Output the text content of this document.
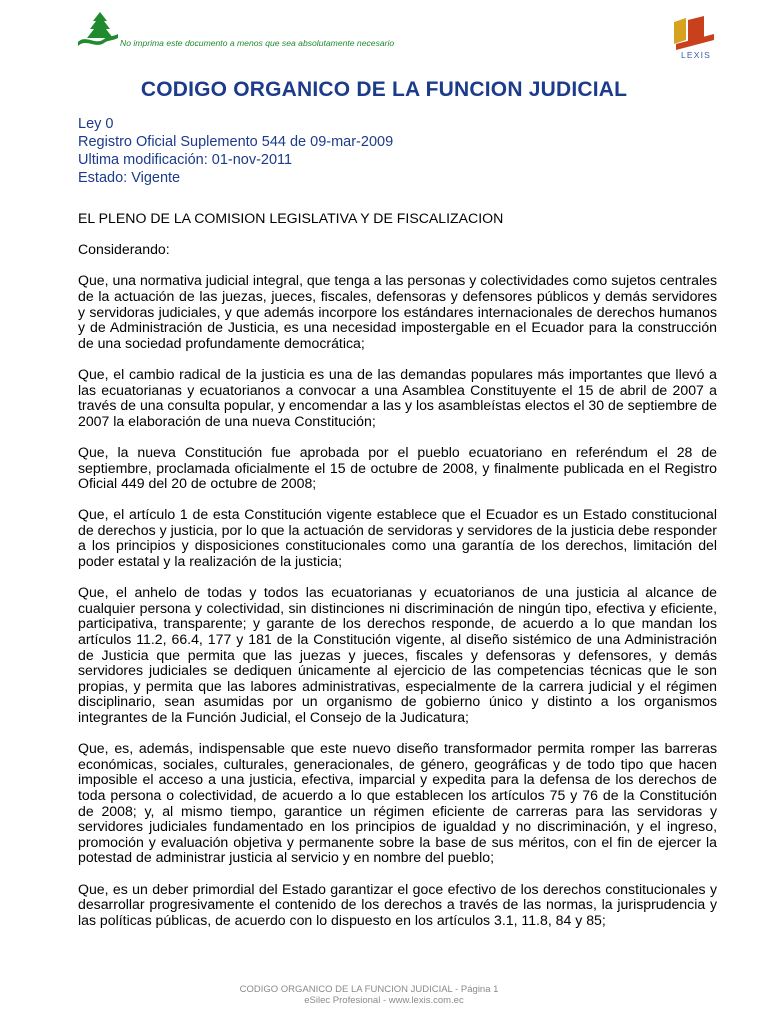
No imprima este documento a menos que sea absolutamente necesario
LEXIS
CODIGO ORGANICO DE LA FUNCION JUDICIAL
Ley 0
Registro Oficial Suplemento 544 de 09-mar-2009
Ultima modificación: 01-nov-2011
Estado: Vigente

EL PLENO DE LA COMISION LEGISLATIVA Y DE FISCALIZACION

Considerando:

Que, una normativa judicial integral, que tenga a las personas y colectividades como sujetos centrales de la actuación de las juezas, jueces, fiscales, defensoras y defensores públicos y demás servidores y servidoras judiciales, y que además incorpore los estándares internacionales de derechos humanos y de Administración de Justicia, es una necesidad impostergable en el Ecuador para la construcción de una sociedad profundamente democrática;

Que, el cambio radical de la justicia es una de las demandas populares más importantes que llevó a las ecuatorianas y ecuatorianos a convocar a una Asamblea Constituyente el 15 de abril de 2007 a través de una consulta popular, y encomendar a las y los asambleístas electos el 30 de septiembre de 2007 la elaboración de una nueva Constitución;

Que, la nueva Constitución fue aprobada por el pueblo ecuatoriano en referéndum el 28 de septiembre, proclamada oficialmente el 15 de octubre de 2008, y finalmente publicada en el Registro Oficial 449 del 20 de octubre de 2008;

Que, el artículo 1 de esta Constitución vigente establece que el Ecuador es un Estado constitucional de derechos y justicia, por lo que la actuación de servidoras y servidores de la justicia debe responder a los principios y disposiciones constitucionales como una garantía de los derechos, limitación del poder estatal y la realización de la justicia;

Que, el anhelo de todas y todos las ecuatorianas y ecuatorianos de una justicia al alcance de cualquier persona y colectividad, sin distinciones ni discriminación de ningún tipo, efectiva y eficiente, participativa, transparente; y garante de los derechos responde, de acuerdo a lo que mandan los artículos 11.2, 66.4, 177 y 181 de la Constitución vigente, al diseño sistémico de una Administración de Justicia que permita que las juezas y jueces, fiscales y defensoras y defensores, y demás servidores judiciales se dediquen únicamente al ejercicio de las competencias técnicas que le son propias, y permita que las labores administrativas, especialmente de la carrera judicial y el régimen disciplinario, sean asumidas por un organismo de gobierno único y distinto a los organismos integrantes de la Función Judicial, el Consejo de la Judicatura;

Que, es, además, indispensable que este nuevo diseño transformador permita romper las barreras económicas, sociales, culturales, generacionales, de género, geográficas y de todo tipo que hacen imposible el acceso a una justicia, efectiva, imparcial y expedita para la defensa de los derechos de toda persona o colectividad, de acuerdo a lo que establecen los artículos 75 y 76 de la Constitución de 2008; y, al mismo tiempo, garantice un régimen eficiente de carreras para las servidoras y servidores judiciales fundamentado en los principios de igualdad y no discriminación, y el ingreso, promoción y evaluación objetiva y permanente sobre la base de sus méritos, con el fin de ejercer la potestad de administrar justicia al servicio y en nombre del pueblo;

Que, es un deber primordial del Estado garantizar el goce efectivo de los derechos constitucionales y desarrollar progresivamente el contenido de los derechos a través de las normas, la jurisprudencia y las políticas públicas, de acuerdo con lo dispuesto en los artículos 3.1, 11.8, 84 y 85;

CODIGO ORGANICO DE LA FUNCION JUDICIAL - Página 1
eSilec Profesional - www.lexis.com.ec
